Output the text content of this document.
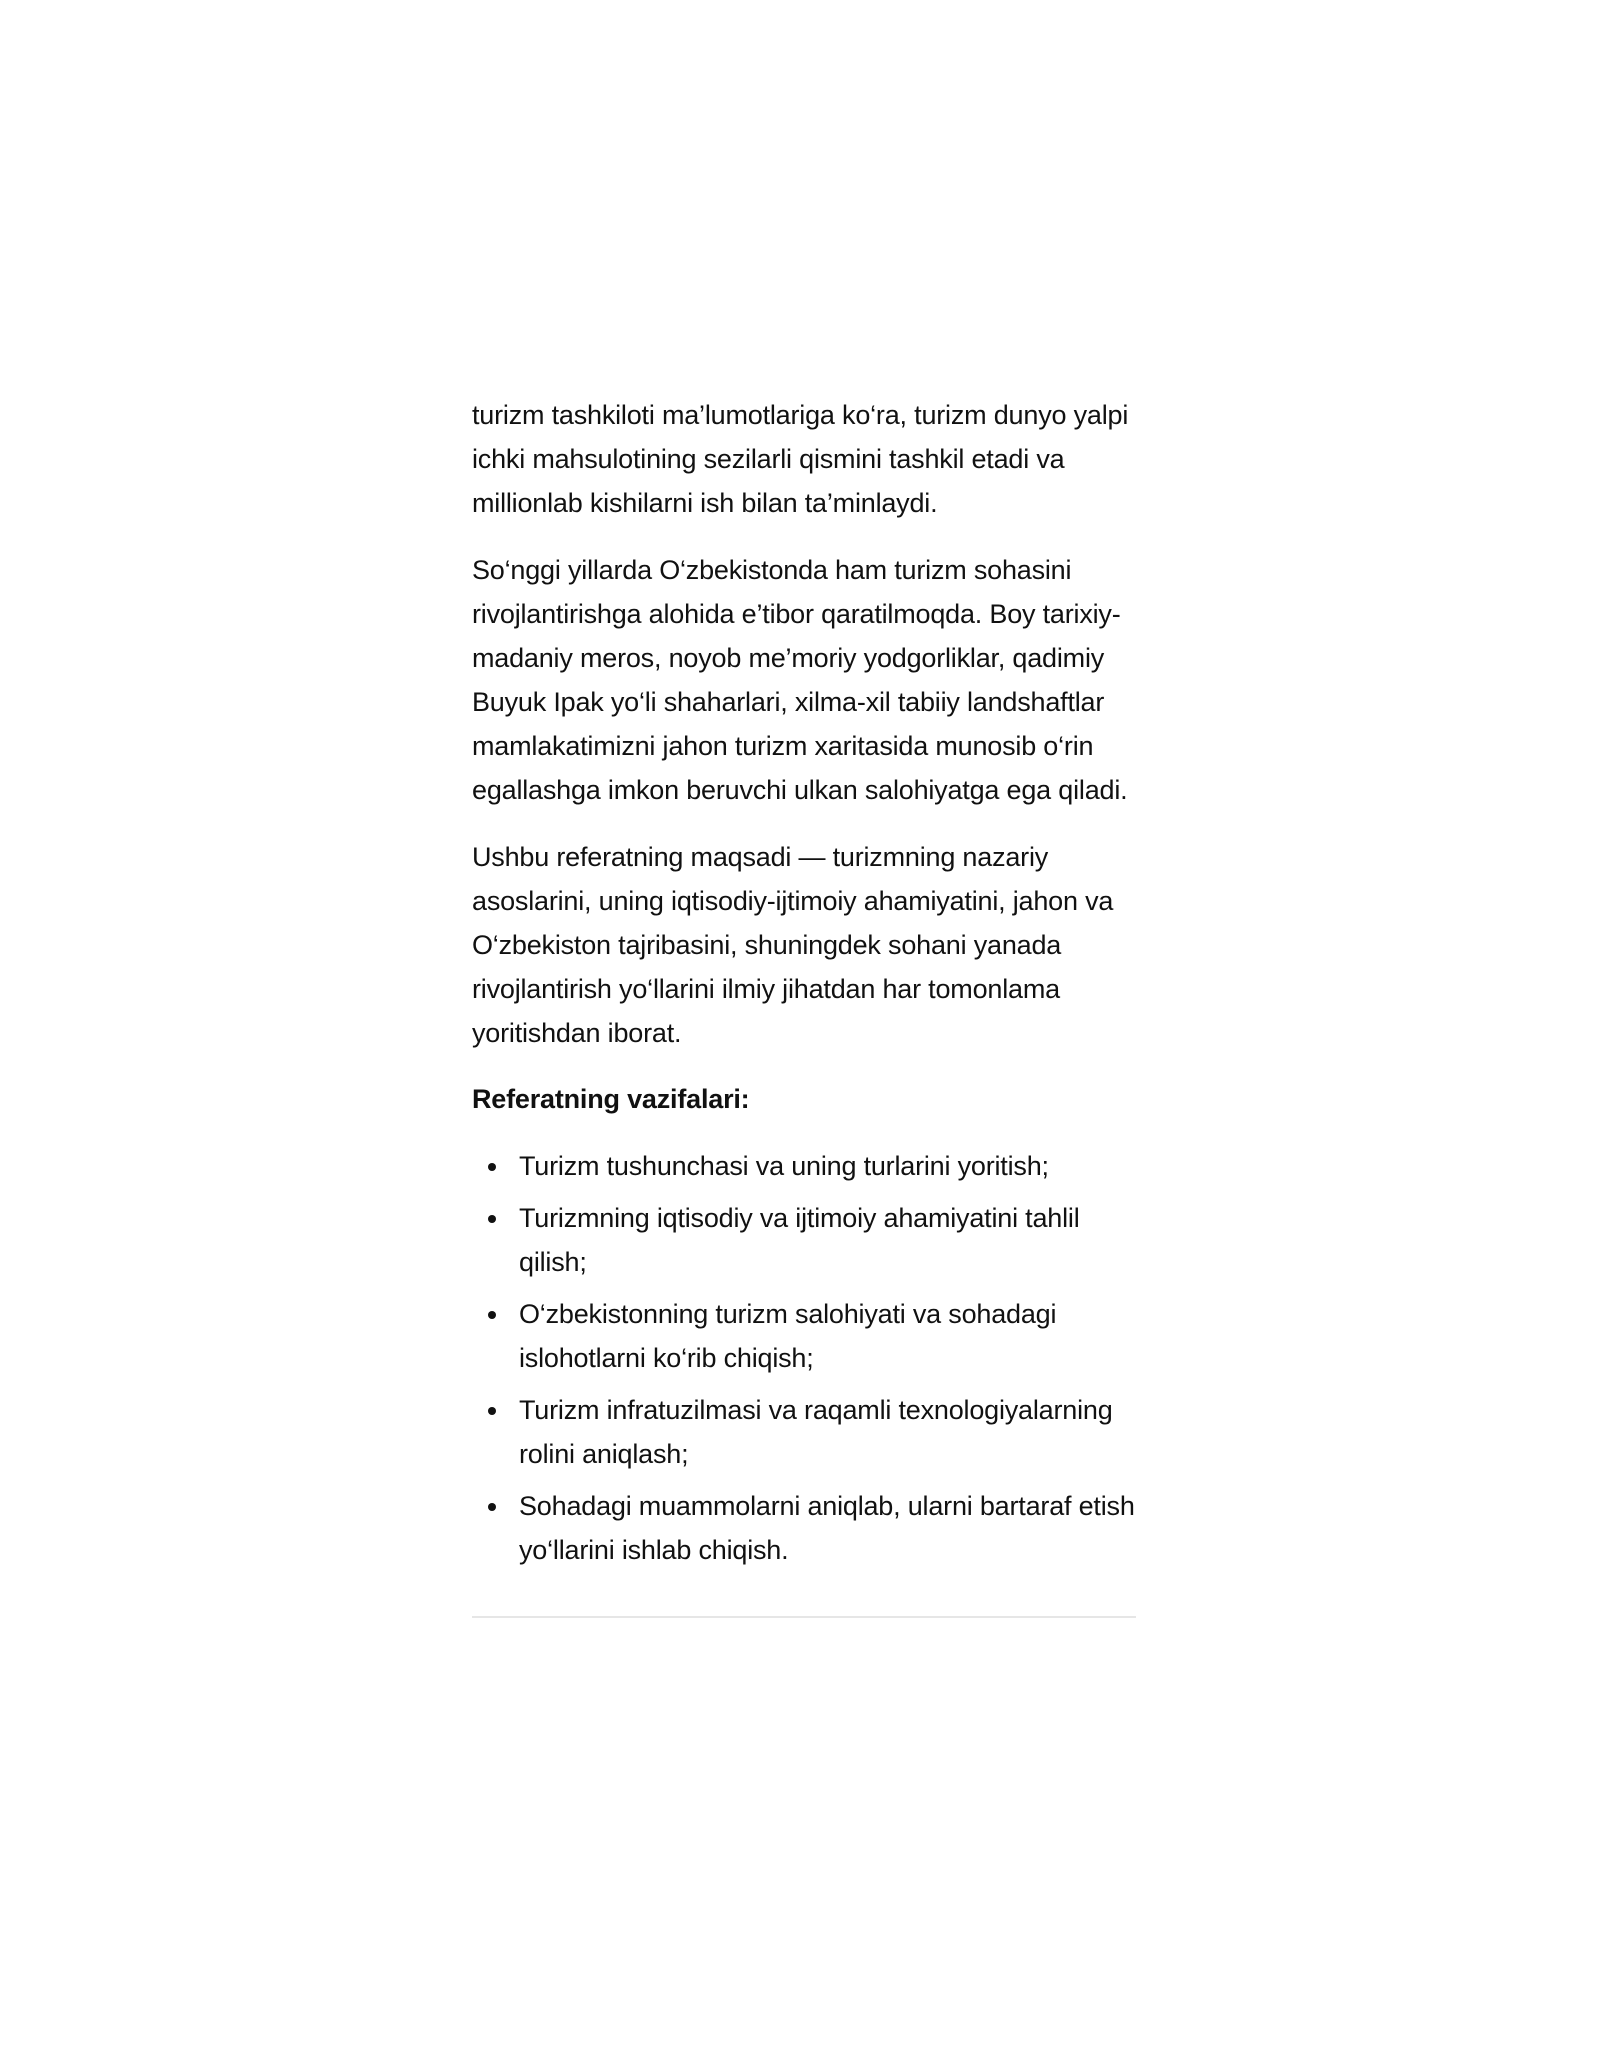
turizm tashkiloti ma’lumotlariga ko‘ra, turizm dunyo yalpi ichki mahsulotining sezilarli qismini tashkil etadi va millionlab kishilarni ish bilan ta’minlaydi.

So‘nggi yillarda O‘zbekistonda ham turizm sohasini rivojlantirishga alohida e’tibor qaratilmoqda. Boy tarixiy-madaniy meros, noyob me’moriy yodgorliklar, qadimiy Buyuk Ipak yo‘li shaharlari, xilma-xil tabiiy landshaftlar mamlakatimizni jahon turizm xaritasida munosib o‘rin egallashga imkon beruvchi ulkan salohiyatga ega qiladi.

Ushbu referatning maqsadi — turizmning nazariy asoslarini, uning iqtisodiy-ijtimoiy ahamiyatini, jahon va O‘zbekiston tajribasini, shuningdek sohani yanada rivojlantirish yo‘llarini ilmiy jihatdan har tomonlama yoritishdan iborat.

Referatning vazifalari:

Turizm tushunchasi va uning turlarini yoritish;
Turizmning iqtisodiy va ijtimoiy ahamiyatini tahlil qilish;
O‘zbekistonning turizm salohiyati va sohadagi islohotlarni ko‘rib chiqish;
Turizm infratuzilmasi va raqamli texnologiyalarning rolini aniqlash;
Sohadagi muammolarni aniqlab, ularni bartaraf etish yo‘llarini ishlab chiqish.
